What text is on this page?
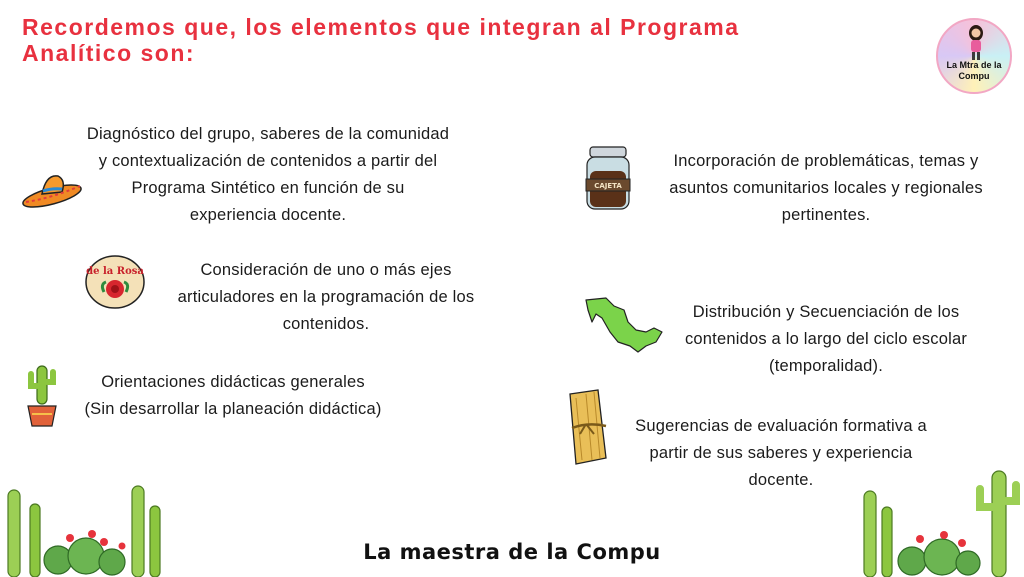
Recordemos que, los elementos que integran al Programa
Analítico son:	La Mtra de la
Compu
Diagnóstico del grupo, saberes de la comunidad
y contextualización de contenidos a partir del
Programa Sintético en función de su
experiencia docente.
de la Rosa	Consideración de uno o más ejes
articuladores en la programación de los
contenidos.
Orientaciones didácticas generales
(Sin desarrollar la planeación didáctica)
CAJETA
Incorporación de problemáticas, temas y
asuntos comunitarios locales y regionales
pertinentes.
Distribución y Secuenciación de los
contenidos a lo largo del ciclo escolar
(temporalidad).
Sugerencias de evaluación formativa a
partir de sus saberes y experiencia
docente.
La maestra de la Compu
